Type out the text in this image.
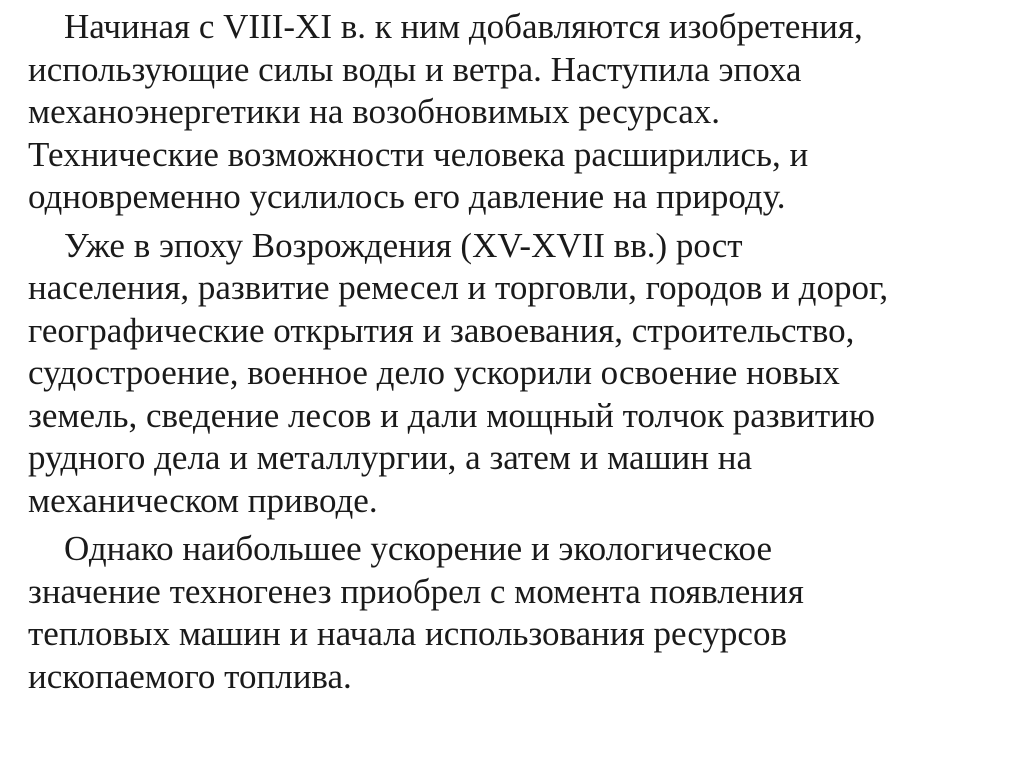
Начиная с VIII-XI в. к ним добавляются изобретения,
использующие силы воды и ветра. Наступила эпоха
механоэнергетики на возобновимых ресурсах.
Технические возможности человека расширились, и
одновременно усилилось его давление на природу.

Уже в эпоху Возрождения (XV-XVII вв.) рост
населения, развитие ремесел и торговли, городов и дорог,
географические открытия и завоевания, строительство,
судостроение, военное дело ускорили освоение новых
земель, сведение лесов и дали мощный толчок развитию
рудного дела и металлургии, а затем и машин на
механическом приводе.

Однако наибольшее ускорение и экологическое
значение техногенез приобрел с момента появления
тепловых машин и начала использования ресурсов
ископаемого топлива.
